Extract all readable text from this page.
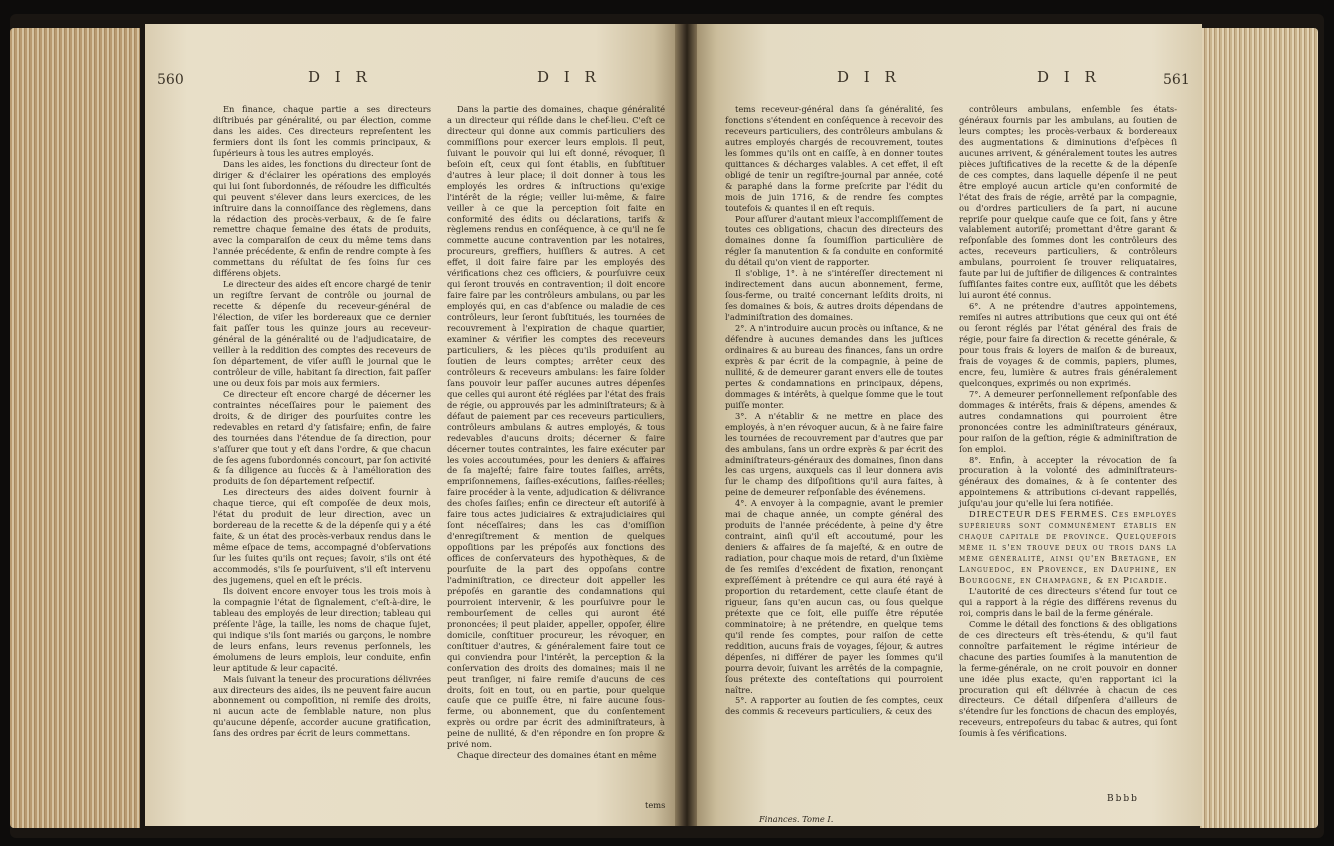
560	D I R	D I R

En finance, chaque partie a ses directeurs diſtribués par généralité, ou par élection, comme dans les aides. Ces directeurs repreſentent les fermiers dont ils ſont les commis principaux, & ſupérieurs à tous les autres employés.

Dans les aides, les fonctions du directeur ſont de diriger & d'éclairer les opérations des employés qui lui ſont ſubordonnés, de réſoudre les difficultés qui peuvent s'élever dans leurs exercices, de les inſtruire dans la connoiſſance des règlemens, dans la rédaction des procès-verbaux, & de ſe faire remettre chaque ſemaine des états de produits, avec la comparaiſon de ceux du même tems dans l'année précédente, & enfin de rendre compte à ſes commettans du réſultat de ſes ſoins ſur ces différens objets.

Le directeur des aides eſt encore chargé de tenir un regiſtre ſervant de contrôle ou journal de recette & dépenſe du receveur-général de l'élection, de viſer les bordereaux que ce dernier fait paſſer tous les quinze jours au receveur-général de la généralité ou de l'adjudicataire, de veiller à la reddition des comptes des receveurs de ſon département, de viſer auſſi le journal que le contrôleur de ville, habitant ſa direction, fait paſſer une ou deux fois par mois aux fermiers.

Ce directeur eſt encore chargé de décerner les contraintes néceſſaires pour le paiement des droits, & de diriger des pourſuites contre les redevables en retard d'y ſatisfaire; enfin, de faire des tournées dans l'étendue de ſa direction, pour s'aſſurer que tout y eſt dans l'ordre, & que chacun de ſes agens ſubordonnés concourt, par ſon activité & ſa diligence au ſuccès & à l'amélioration des produits de ſon département reſpectif.

Les directeurs des aides doivent fournir à chaque tierce, qui eſt compoſée de deux mois, l'état du produit de leur direction, avec un bordereau de la recette & de la dépenſe qui y a été faite, & un état des procès-verbaux rendus dans le même eſpace de tems, accompagné d'obſervations ſur les ſuites qu'ils ont reçues; ſavoir, s'ils ont été accommodés, s'ils ſe pourſuivent, s'il eſt intervenu des jugemens, quel en eſt le précis.

Ils doivent encore envoyer tous les trois mois à la compagnie l'état de ſignalement, c'eſt-à-dire, le tableau des employés de leur direction; tableau qui préſente l'âge, la taille, les noms de chaque ſujet, qui indique s'ils ſont mariés ou garçons, le nombre de leurs enfans, leurs revenus perſonnels, les émolumens de leurs emplois, leur conduite, enfin leur aptitude & leur capacité.

Mais ſuivant la teneur des procurations délivrées aux directeurs des aides, ils ne peuvent faire aucun abonnement ou compoſition, ni remiſe des droits, ni aucun acte de ſemblable nature, non plus qu'aucune dépenſe, accorder aucune gratification, ſans des ordres par écrit de leurs commettans.

Dans la partie des domaines, chaque généralité a un directeur qui réſide dans le chef-lieu. C'eſt ce directeur qui donne aux commis particuliers des commiſſions pour exercer leurs emplois. Il peut, ſuivant le pouvoir qui lui eſt donné, révoquer, ſi beſoin eſt, ceux qui ſont établis, en ſubſtituer d'autres à leur place; il doit donner à tous les employés les ordres & inſtructions qu'exige l'intérêt de la régie; veiller lui-même, & faire veiller à ce que la perception ſoit faite en conformité des édits ou déclarations, tarifs & règlemens rendus en conſéquence, à ce qu'il ne ſe commette aucune contravention par les notaires, procureurs, greffiers, huiſſiers & autres. A cet effet, il doit faire faire par les employés des vérifications chez ces officiers, & pourſuivre ceux qui ſeront trouvés en contravention; il doit encore faire faire par les contrôleurs ambulans, ou par les employés qui, en cas d'abſence ou maladie de ces contrôleurs, leur ſeront ſubſtitués, les tournées de recouvrement à l'expiration de chaque quartier, examiner & vérifier les comptes des receveurs particuliers, & les pièces qu'ils produiſent au ſoutien de leurs comptes; arrêter ceux des contrôleurs & receveurs ambulans: les faire ſolder ſans pouvoir leur paſſer aucunes autres dépenſes que celles qui auront été réglées par l'état des frais de régie, ou approuvés par les adminiſtrateurs; & à défaut de paiement par ces receveurs particuliers, contrôleurs ambulans & autres employés, & tous redevables d'aucuns droits; décerner & faire décerner toutes contraintes, les faire exécuter par les voies accoutumées, pour les deniers & affaires de ſa majeſté; faire faire toutes ſaiſies, arrêts, empriſonnemens, ſaiſies-exécutions, ſaiſies-réelles; faire procéder à la vente, adjudication & délivrance des choſes ſaiſies; enfin ce directeur eſt autoriſé à faire tous actes judiciaires & extrajudiciaires qui ſont néceſſaires; dans les cas d'omiſſion d'enregiſtrement & mention de quelques oppoſitions par les prépoſés aux fonctions des offices de conſervateurs des hypothèques, & de pourſuite de la part des oppoſans contre l'adminiſtration, ce directeur doit appeller les prépoſés en garantie des condamnations qui pourroient intervenir, & les pourſuivre pour le rembourſement de celles qui auront été prononcées; il peut plaider, appeller, oppoſer, élire domicile, conſtituer procureur, les révoquer, en conſtituer d'autres, & généralement faire tout ce qui conviendra pour l'intérêt, la perception & la conſervation des droits des domaines; mais il ne peut tranſiger, ni faire remiſe d'aucuns de ces droits, ſoit en tout, ou en partie, pour quelque cauſe que ce puiſſe être, ni faire aucune ſous-ferme, ou abonnement, que du conſentement exprès ou ordre par écrit des adminiſtrateurs, à peine de nullité, & d'en répondre en ſon propre & privé nom.

Chaque directeur des domaines étant en même

tems
D I R	D I R	561

tems receveur-général dans ſa généralité, ſes fonctions s'étendent en conſéquence à recevoir des receveurs particuliers, des contrôleurs ambulans & autres employés chargés de recouvrement, toutes les ſommes qu'ils ont en caiſſe, à en donner toutes quittances & décharges valables. A cet effet, il eſt obligé de tenir un regiſtre-journal par année, coté & paraphé dans la forme preſcrite par l'édit du mois de juin 1716, & de rendre ſes comptes toutefois & quantes il en eſt requis.

Pour aſſurer d'autant mieux l'accompliſſement de toutes ces obligations, chacun des directeurs des domaines donne ſa ſoumiſſion particulière de régler ſa manutention & ſa conduite en conformité du détail qu'on vient de rapporter.

Il s'oblige, 1°. à ne s'intéreſſer directement ni indirectement dans aucun abonnement, ferme, ſous-ferme, ou traité concernant leſdits droits, ni ſes domaines & bois, & autres droits dépendans de l'adminiſtration des domaines.

2°. A n'introduire aucun procès ou inſtance, & ne défendre à aucunes demandes dans les juſtices ordinaires & au bureau des finances, ſans un ordre exprès & par écrit de la compagnie, à peine de nullité, & de demeurer garant envers elle de toutes pertes & condamnations en principaux, dépens, dommages & intérêts, à quelque ſomme que le tout puiſſe monter.

3°. A n'établir & ne mettre en place des employés, à n'en révoquer aucun, & à ne faire faire les tournées de recouvrement par d'autres que par des ambulans, ſans un ordre exprès & par écrit des adminiſtrateurs-généraux des domaines, ſinon dans les cas urgens, auxquels cas il leur donnera avis ſur le champ des diſpoſitions qu'il aura faites, à peine de demeurer reſponſable des événemens.

4°. A envoyer à la compagnie, avant le premier mai de chaque année, un compte général des produits de l'année précédente, à peine d'y être contraint, ainſi qu'il eſt accoutumé, pour les deniers & affaires de ſa majeſté, & en outre de radiation, pour chaque mois de retard, d'un ſixième de ſes remiſes d'excédent de fixation, renonçant expreſſément à prétendre ce qui aura été rayé à proportion du retardement, cette clauſe étant de rigueur, ſans qu'en aucun cas, ou ſous quelque prétexte que ce ſoit, elle puiſſe être réputée comminatoire; à ne prétendre, en quelque tems qu'il rende ſes comptes, pour raiſon de cette reddition, aucuns frais de voyages, ſéjour, & autres dépenſes, ni différer de payer les ſommes qu'il pourra devoir, ſuivant les arrêtés de la compagnie, ſous prétexte des conteſtations qui pourroient naître.

5°. A rapporter au ſoutien de ſes comptes, ceux des commis & receveurs particuliers, & ceux des

Finances. Tome I.

contrôleurs ambulans, enſemble ſes états-généraux fournis par les ambulans, au ſoutien de leurs comptes; les procès-verbaux & bordereaux des augmentations & diminutions d'eſpèces ſi aucunes arrivent, & généralement toutes les autres pièces juſtificatives de la recette & de la dépenſe de ces comptes, dans laquelle dépenſe il ne peut être employé aucun article qu'en conformité de l'état des frais de régie, arrêté par la compagnie, ou d'ordres particuliers de ſa part, ni aucune repriſe pour quelque cauſe que ce ſoit, ſans y être valablement autoriſé; promettant d'être garant & reſponſable des ſommes dont les contrôleurs des actes, receveurs particuliers, & contrôleurs ambulans, pourroient ſe trouver reliquataires, faute par lui de juſtifier de diligences & contraintes ſuffiſantes faites contre eux, auſſitôt que les débets lui auront été connus.

6°. A ne prétendre d'autres appointemens, remiſes ni autres attributions que ceux qui ont été ou ſeront réglés par l'état général des frais de régie, pour faire ſa direction & recette générale, & pour tous frais & loyers de maiſon & de bureaux, frais de voyages & de commis, papiers, plumes, encre, feu, lumière & autres frais généralement quelconques, exprimés ou non exprimés.

7°. A demeurer perſonnellement reſponſable des dommages & intérêts, frais & dépens, amendes & autres condamnations qui pourroient être prononcées contre les adminiſtrateurs généraux, pour raiſon de la geſtion, régie & adminiſtration de ſon emploi.

8°. Enfin, à accepter la révocation de ſa procuration à la volonté des adminiſtrateurs-généraux des domaines, & à ſe contenter des appointemens & attributions ci-devant rappellés, juſqu'au jour qu'elle lui ſera notifiée.

DIRECTEUR DES FERMES. Ces employés ſupérieurs ſont communément établis en chaque capitale de province. Quelquefois même il s'en trouve deux ou trois dans la même généralité, ainſi qu'en Bretagne, en Languedoc, en Provence, en Dauphiné, en Bourgogne, en Champagne, & en Picardie.

L'autorité de ces directeurs s'étend ſur tout ce qui a rapport à la régie des différens revenus du roi, compris dans le bail de la ferme générale.

Comme le détail des fonctions & des obligations de ces directeurs eſt très-étendu, & qu'il faut connoître parfaitement le régime intérieur de chacune des parties ſoumiſes à la manutention de la ferme-générale, on ne croit pouvoir en donner une idée plus exacte, qu'en rapportant ici la procuration qui eſt délivrée à chacun de ces directeurs. Ce détail diſpenſera d'ailleurs de s'étendre ſur les fonctions de chacun des employés, receveurs, entrepoſeurs du tabac & autres, qui ſont ſoumis à ſes vérifications.

Bbbb
